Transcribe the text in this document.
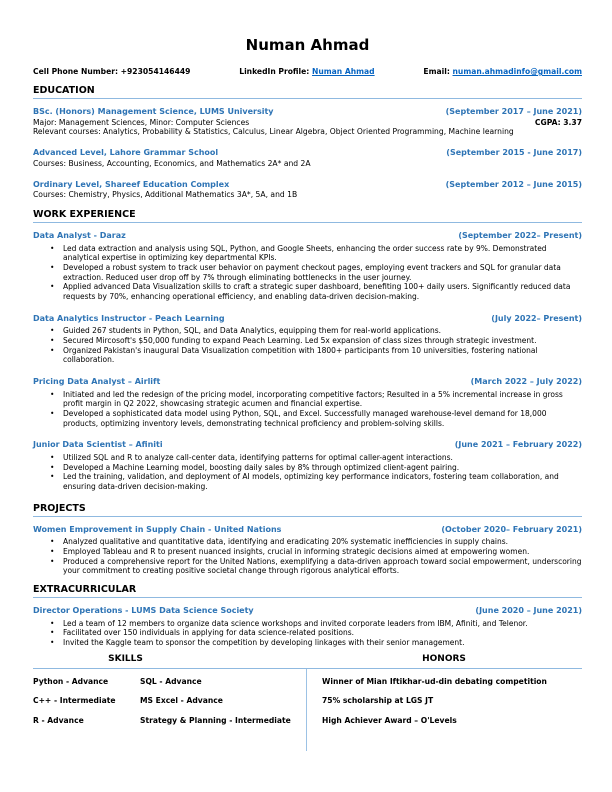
Numan Ahmad
Cell Phone Number: +923054146449	LinkedIn Profile: Numan Ahmad	Email: numan.ahmadinfo@gmail.com
EDUCATION
BSc. (Honors) Management Science, LUMS University	(September 2017 – June 2021)
Major: Management Sciences, Minor: Computer Sciences	CGPA: 3.37
Relevant courses: Analytics, Probability & Statistics, Calculus, Linear Algebra, Object Oriented Programming, Machine learning
Advanced Level, Lahore Grammar School	(September 2015 - June 2017)
Courses: Business, Accounting, Economics, and Mathematics 2A* and 2A
Ordinary Level, Shareef Education Complex	(September 2012 – June 2015)
Courses: Chemistry, Physics, Additional Mathematics 3A*, 5A, and 1B
WORK EXPERIENCE
Data Analyst - Daraz	(September 2022– Present)
•
Led data extraction and analysis using SQL, Python, and Google Sheets, enhancing the order success rate by 9%. Demonstrated analytical expertise in optimizing key departmental KPIs.
•
Developed a robust system to track user behavior on payment checkout pages, employing event trackers and SQL for granular data extraction. Reduced user drop off by 7% through eliminating bottlenecks in the user journey.
•
Applied advanced Data Visualization skills to craft a strategic super dashboard, benefiting 100+ daily users. Significantly reduced data requests by 70%, enhancing operational efficiency, and enabling data-driven decision-making.
Data Analytics Instructor - Peach Learning	(July 2022– Present)
•
Guided 267 students in Python, SQL, and Data Analytics, equipping them for real-world applications.
•
Secured Mircosoft's $50,000 funding to expand Peach Learning. Led 5x expansion of class sizes through strategic investment.
•
Organized Pakistan's inaugural Data Visualization competition with 1800+ participants from 10 universities, fostering national collaboration.
Pricing Data Analyst – Airlift	(March 2022 – July 2022)
•
Initiated and led the redesign of the pricing model, incorporating competitive factors; Resulted in a 5% incremental increase in gross profit margin in Q2 2022, showcasing strategic acumen and financial expertise.
•
Developed a sophisticated data model using Python, SQL, and Excel. Successfully managed warehouse-level demand for 18,000 products, optimizing inventory levels, demonstrating technical proficiency and problem-solving skills.
Junior Data Scientist – Afiniti	(June 2021 – February 2022)
•
Utilized SQL and R to analyze call-center data, identifying patterns for optimal caller-agent interactions.
•
Developed a Machine Learning model, boosting daily sales by 8% through optimized client-agent pairing.
•
Led the training, validation, and deployment of AI models, optimizing key performance indicators, fostering team collaboration, and ensuring data-driven decision-making.
PROJECTS
Women Emprovement in Supply Chain - United Nations	(October 2020– February 2021)
•
Analyzed qualitative and quantitative data, identifying and eradicating 20% systematic inefficiencies in supply chains.
•
Employed Tableau and R to present nuanced insights, crucial in informing strategic decisions aimed at empowering women.
•
Produced a comprehensive report for the United Nations, exemplifying a data-driven approach toward social empowerment, underscoring your commitment to creating positive societal change through rigorous analytical efforts.
EXTRACURRICULAR
Director Operations - LUMS Data Science Society	(June 2020 – June 2021)
•
Led a team of 12 members to organize data science workshops and invited corporate leaders from IBM, Afiniti, and Telenor.
•
Facilitated over 150 individuals in applying for data science-related positions.
•
Invited the Kaggle team to sponsor the competition by developing linkages with their senior management.
SKILLS	HONORS
Python - Advance	SQL - Advance
C++ - Intermediate	MS Excel - Advance
R - Advance	Strategy & Planning - Intermediate
Winner of Mian Iftikhar-ud-din debating competition
75% scholarship at LGS JT
High Achiever Award – O'Levels
